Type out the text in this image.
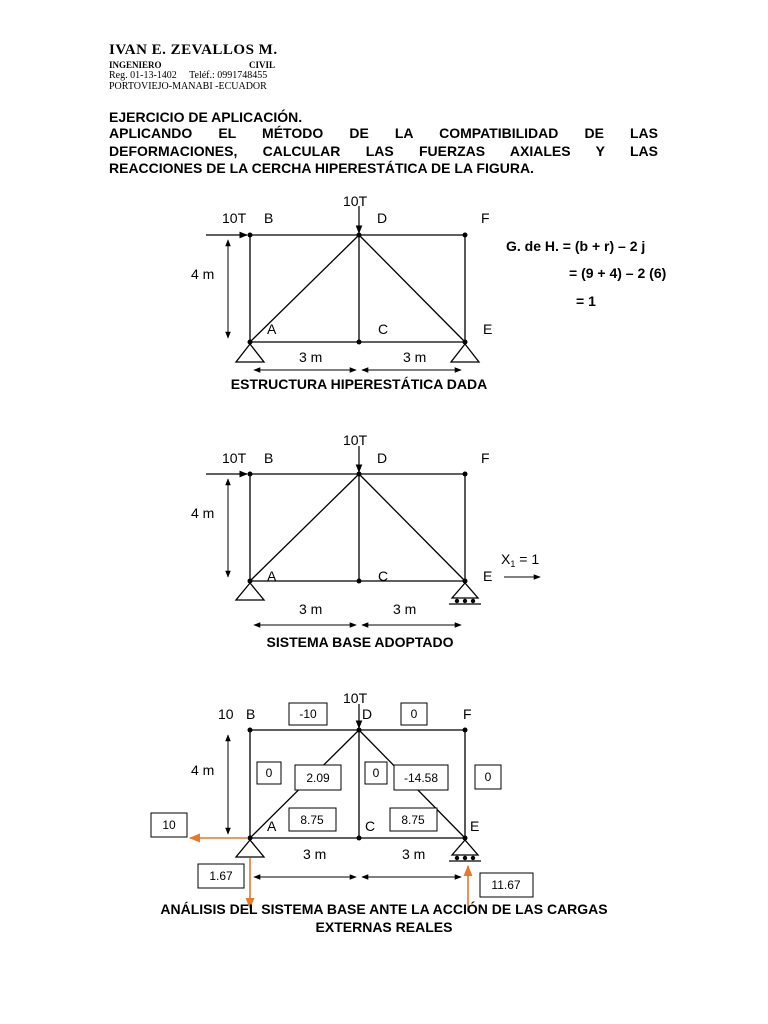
IVAN E. ZEVALLOS M.
INGENIERO	CIVIL
Reg. 01-13-1402 Teléf.: 0991748455
PORTOVIEJO-MANABI -ECUADOR
EJERCICIO DE APLICACIÓN.
APLICANDO EL MÉTODO DE LA COMPATIBILIDAD DE LAS
DEFORMACIONES, CALCULAR LAS FUERZAS AXIALES Y LAS
REACCIONES DE LA CERCHA HIPERESTÁTICA DE LA FIGURA.
10T
10T B	D	F
A	C	E
4 m
3 m	3 m
G. de H. = (b + r) – 2 j
= (9 + 4) – 2 (6)
= 1
ESTRUCTURA HIPERESTÁTICA DADA
10T
10T B	D	F
A	C	E
$X_1 = 1$
4 m
3 m	3 m
SISTEMA BASE ADOPTADO
10T
10 B	D	F
A	C	E
4 m
3 m	3 m
-10	0
0	2.09	0 -14.58	0
8.75	8.75
10
1.67
11.67
ANÁLISIS DEL SISTEMA BASE ANTE LA ACCIÓN DE LAS CARGAS
EXTERNAS REALES
